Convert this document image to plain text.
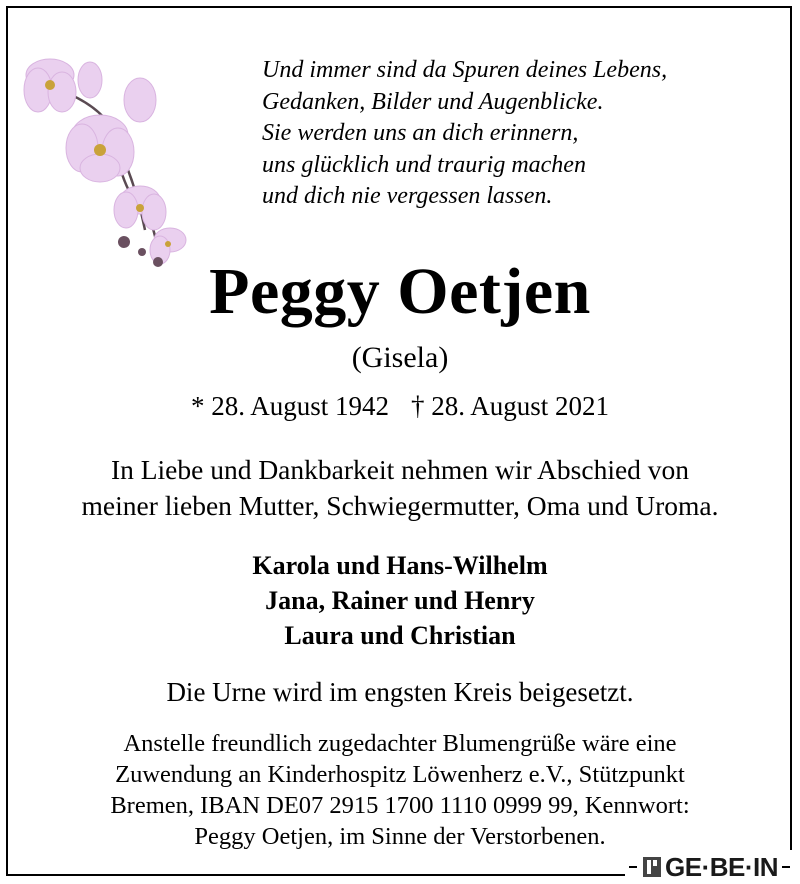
Und immer sind da Spuren deines Lebens,
Gedanken, Bilder und Augenblicke.
Sie werden uns an dich erinnern,
uns glücklich und traurig machen
und dich nie vergessen lassen.
Peggy Oetjen
(Gisela)
* 28. August 1942 † 28. August 2021
In Liebe und Dankbarkeit nehmen wir Abschied von
meiner lieben Mutter, Schwiegermutter, Oma und Uroma.
Karola und Hans-Wilhelm
Jana, Rainer und Henry
Laura und Christian
Die Urne wird im engsten Kreis beigesetzt.
Anstelle freundlich zugedachter Blumengrüße wäre eine
Zuwendung an Kinderhospitz Löwenherz e.V., Stützpunkt
Bremen, IBAN DE07 2915 1700 1110 0999 99, Kennwort:
Peggy Oetjen, im Sinne der Verstorbenen.
GE·BE·IN
